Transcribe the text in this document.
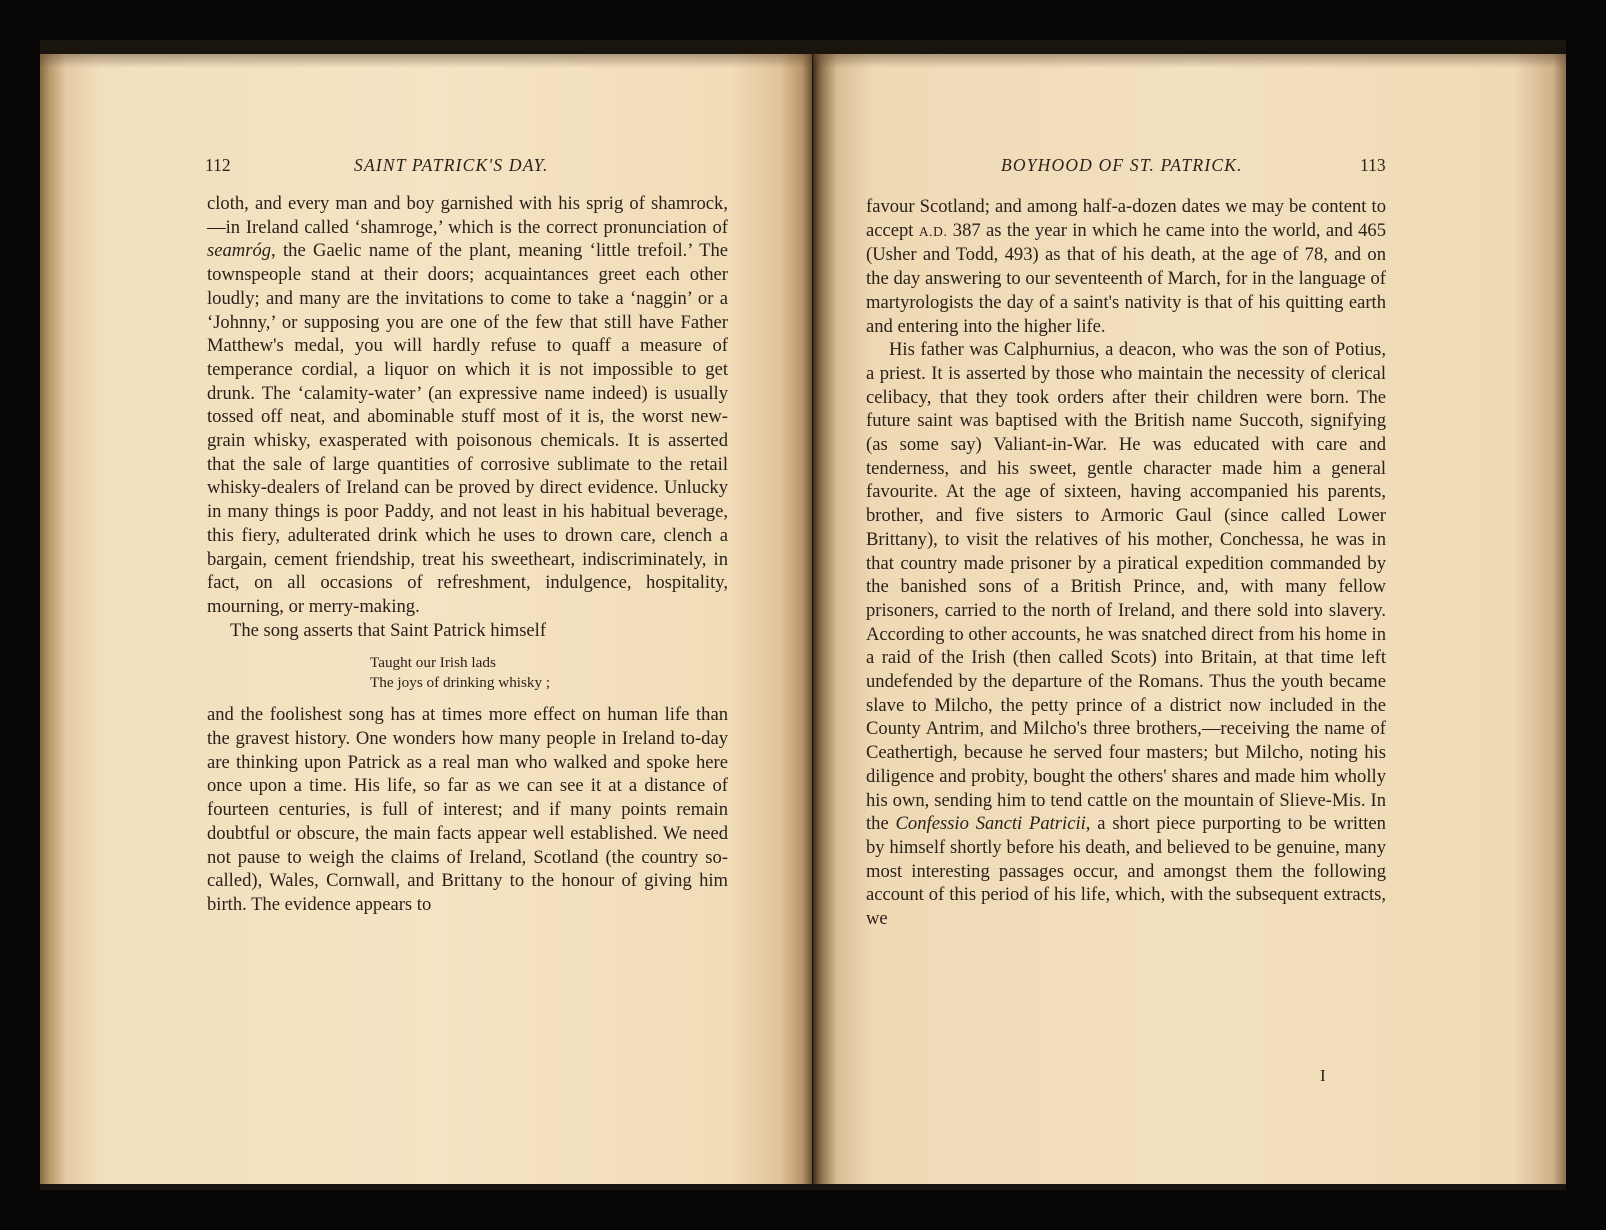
112	SAINT PATRICK'S DAY.

cloth, and every man and boy garnished with his sprig of shamrock,—in Ireland called ‘shamroge,’ which is the correct pronunciation of seamróg, the Gaelic name of the plant, meaning ‘little trefoil.’ The townspeople stand at their doors; acquaintances greet each other loudly; and many are the invitations to come to take a ‘naggin’ or a ‘Johnny,’ or supposing you are one of the few that still have Father Matthew's medal, you will hardly refuse to quaff a measure of temperance cordial, a liquor on which it is not impossible to get drunk. The ‘calamity-water’ (an expressive name indeed) is usually tossed off neat, and abominable stuff most of it is, the worst new-grain whisky, exasperated with poisonous chemicals. It is asserted that the sale of large quantities of corrosive sublimate to the retail whisky-dealers of Ireland can be proved by direct evidence. Unlucky in many things is poor Paddy, and not least in his habitual beverage, this fiery, adulterated drink which he uses to drown care, clench a bargain, cement friendship, treat his sweetheart, indiscriminately, in fact, on all occasions of refreshment, indulgence, hospitality, mourning, or merry-making.

The song asserts that Saint Patrick himself

Taught our Irish lads
The joys of drinking whisky ;

and the foolishest song has at times more effect on human life than the gravest history. One wonders how many people in Ireland to-day are thinking upon Patrick as a real man who walked and spoke here once upon a time. His life, so far as we can see it at a distance of fourteen centuries, is full of interest; and if many points remain doubtful or obscure, the main facts appear well established. We need not pause to weigh the claims of Ireland, Scotland (the country so-called), Wales, Cornwall, and Brittany to the honour of giving him birth. The evidence appears to

BOYHOOD OF ST. PATRICK.	113

favour Scotland; and among half-a-dozen dates we may be content to accept A.D. 387 as the year in which he came into the world, and 465 (Usher and Todd, 493) as that of his death, at the age of 78, and on the day answering to our seventeenth of March, for in the language of martyrologists the day of a saint's nativity is that of his quitting earth and entering into the higher life.

His father was Calphurnius, a deacon, who was the son of Potius, a priest. It is asserted by those who maintain the necessity of clerical celibacy, that they took orders after their children were born. The future saint was baptised with the British name Succoth, signifying (as some say) Valiant-in-War. He was educated with care and tenderness, and his sweet, gentle character made him a general favourite. At the age of sixteen, having accompanied his parents, brother, and five sisters to Armoric Gaul (since called Lower Brittany), to visit the relatives of his mother, Conchessa, he was in that country made prisoner by a piratical expedition commanded by the banished sons of a British Prince, and, with many fellow prisoners, carried to the north of Ireland, and there sold into slavery. According to other accounts, he was snatched direct from his home in a raid of the Irish (then called Scots) into Britain, at that time left undefended by the departure of the Romans. Thus the youth became slave to Milcho, the petty prince of a district now included in the County Antrim, and Milcho's three brothers,—receiving the name of Ceathertigh, because he served four masters; but Milcho, noting his diligence and probity, bought the others' shares and made him wholly his own, sending him to tend cattle on the mountain of Slieve-Mis. In the Confessio Sancti Patricii, a short piece purporting to be written by himself shortly before his death, and believed to be genuine, many most interesting passages occur, and amongst them the following account of this period of his life, which, with the subsequent extracts, we

I
